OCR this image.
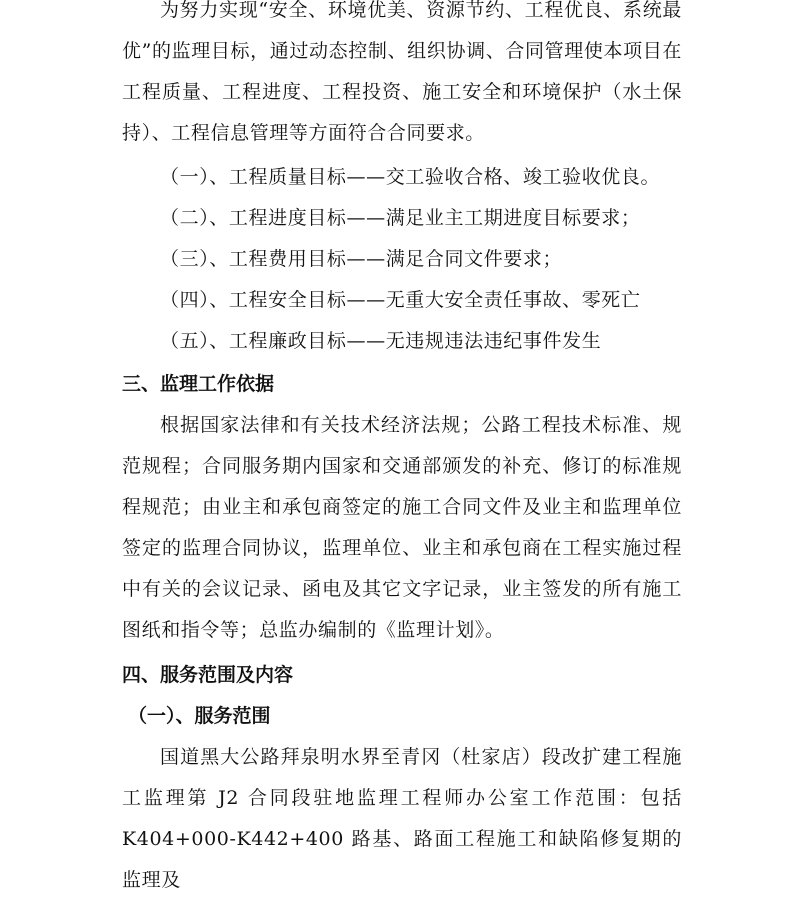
为努力实现“安全、环境优美、资源节约、工程优良、系统最优”的监理目标，通过动态控制、组织协调、合同管理使本项目在工程质量、工程进度、工程投资、施工安全和环境保护（水土保持）、工程信息管理等方面符合合同要求。

（一）、工程质量目标——交工验收合格、竣工验收优良。

（二）、工程进度目标——满足业主工期进度目标要求；

（三）、工程费用目标——满足合同文件要求；

（四）、工程安全目标——无重大安全责任事故、零死亡

（五）、工程廉政目标——无违规违法违纪事件发生

三、监理工作依据

根据国家法律和有关技术经济法规；公路工程技术标准、规范规程；合同服务期内国家和交通部颁发的补充、修订的标准规程规范；由业主和承包商签定的施工合同文件及业主和监理单位签定的监理合同协议，监理单位、业主和承包商在工程实施过程中有关的会议记录、函电及其它文字记录，业主签发的所有施工图纸和指令等；总监办编制的《监理计划》。

四、服务范围及内容
（一）、服务范围

国道黑大公路拜泉明水界至青冈（杜家店）段改扩建工程施工监理第 J2 合同段驻地监理工程师办公室工作范围：包括 K404+000-K442+400 路基、路面工程施工和缺陷修复期的监理及
